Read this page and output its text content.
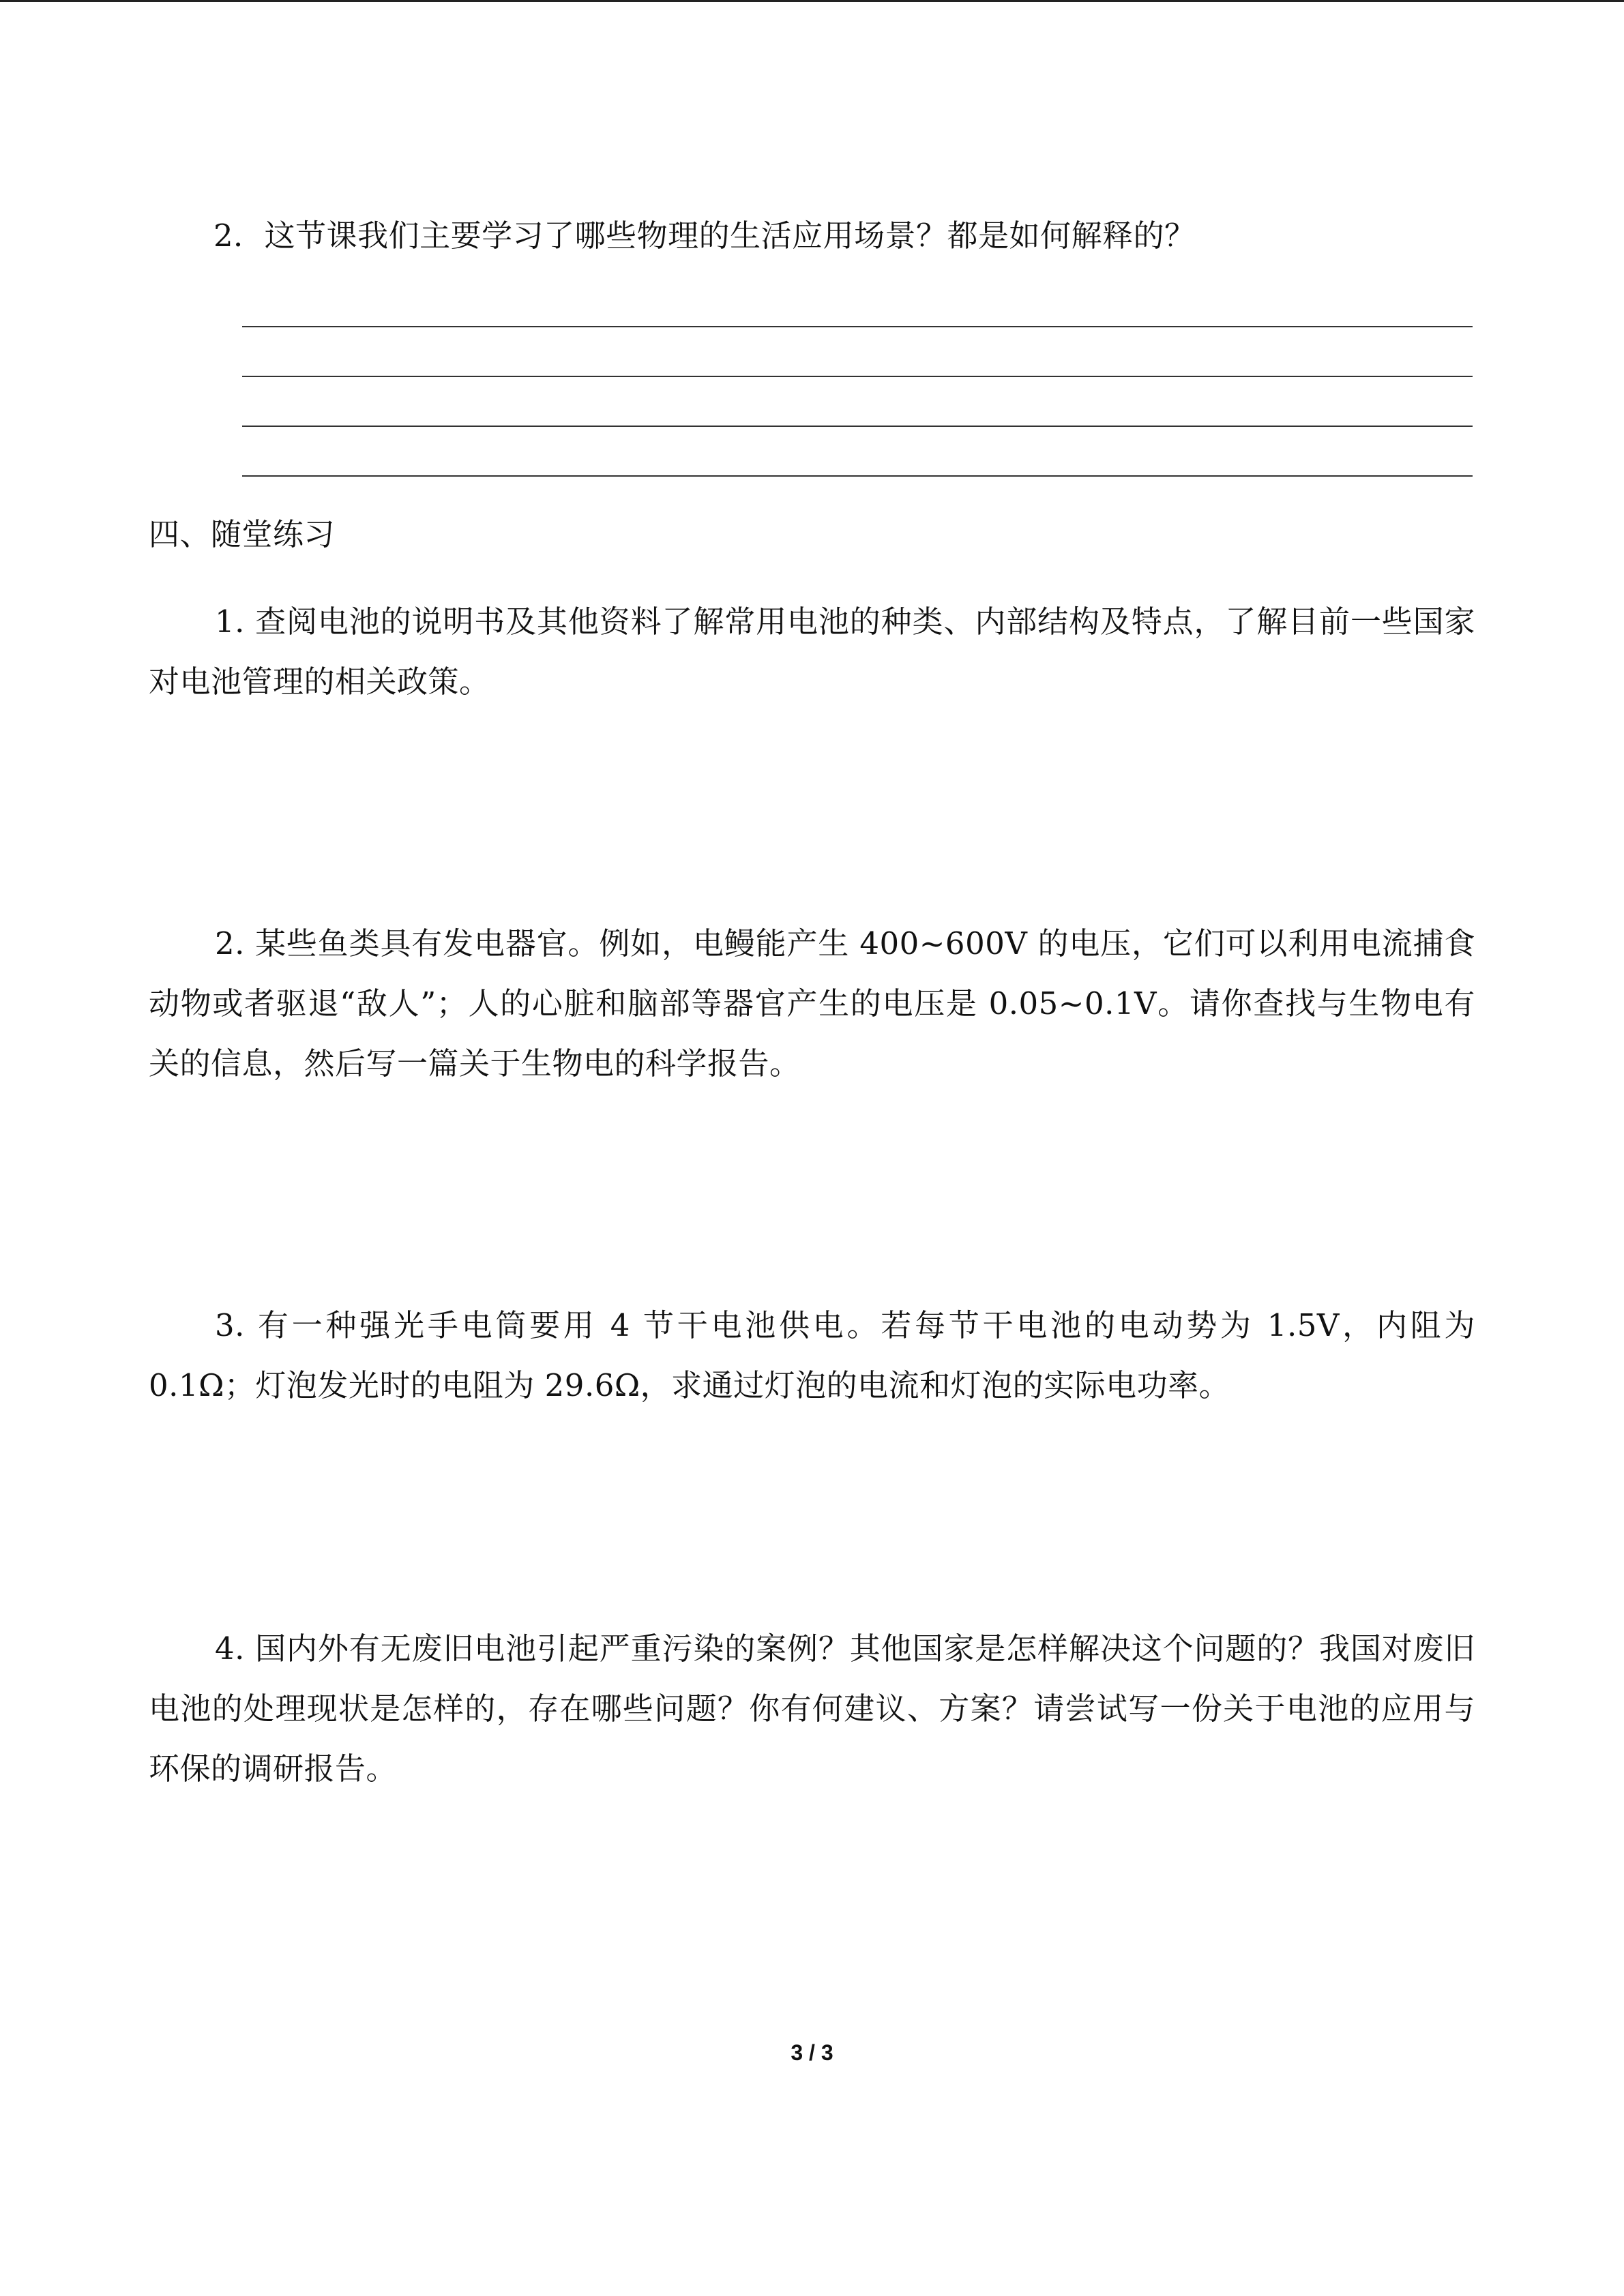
2．这节课我们主要学习了哪些物理的生活应用场景？都是如何解释的？
四、随堂练习
1. 查阅电池的说明书及其他资料了解常用电池的种类、内部结构及特点，了解目前一些国家对电池管理的相关政策。
2. 某些鱼类具有发电器官。例如，电鳗能产生 400~600V 的电压，它们可以利用电流捕食动物或者驱退“敌人”；人的心脏和脑部等器官产生的电压是 0.05~0.1V。请你查找与生物电有关的信息，然后写一篇关于生物电的科学报告。
3. 有一种强光手电筒要用 4 节干电池供电。若每节干电池的电动势为 1.5V，内阻为 0.1Ω；灯泡发光时的电阻为 29.6Ω，求通过灯泡的电流和灯泡的实际电功率。
4. 国内外有无废旧电池引起严重污染的案例？其他国家是怎样解决这个问题的？我国对废旧电池的处理现状是怎样的，存在哪些问题？你有何建议、方案？请尝试写一份关于电池的应用与环保的调研报告。
3 / 3
